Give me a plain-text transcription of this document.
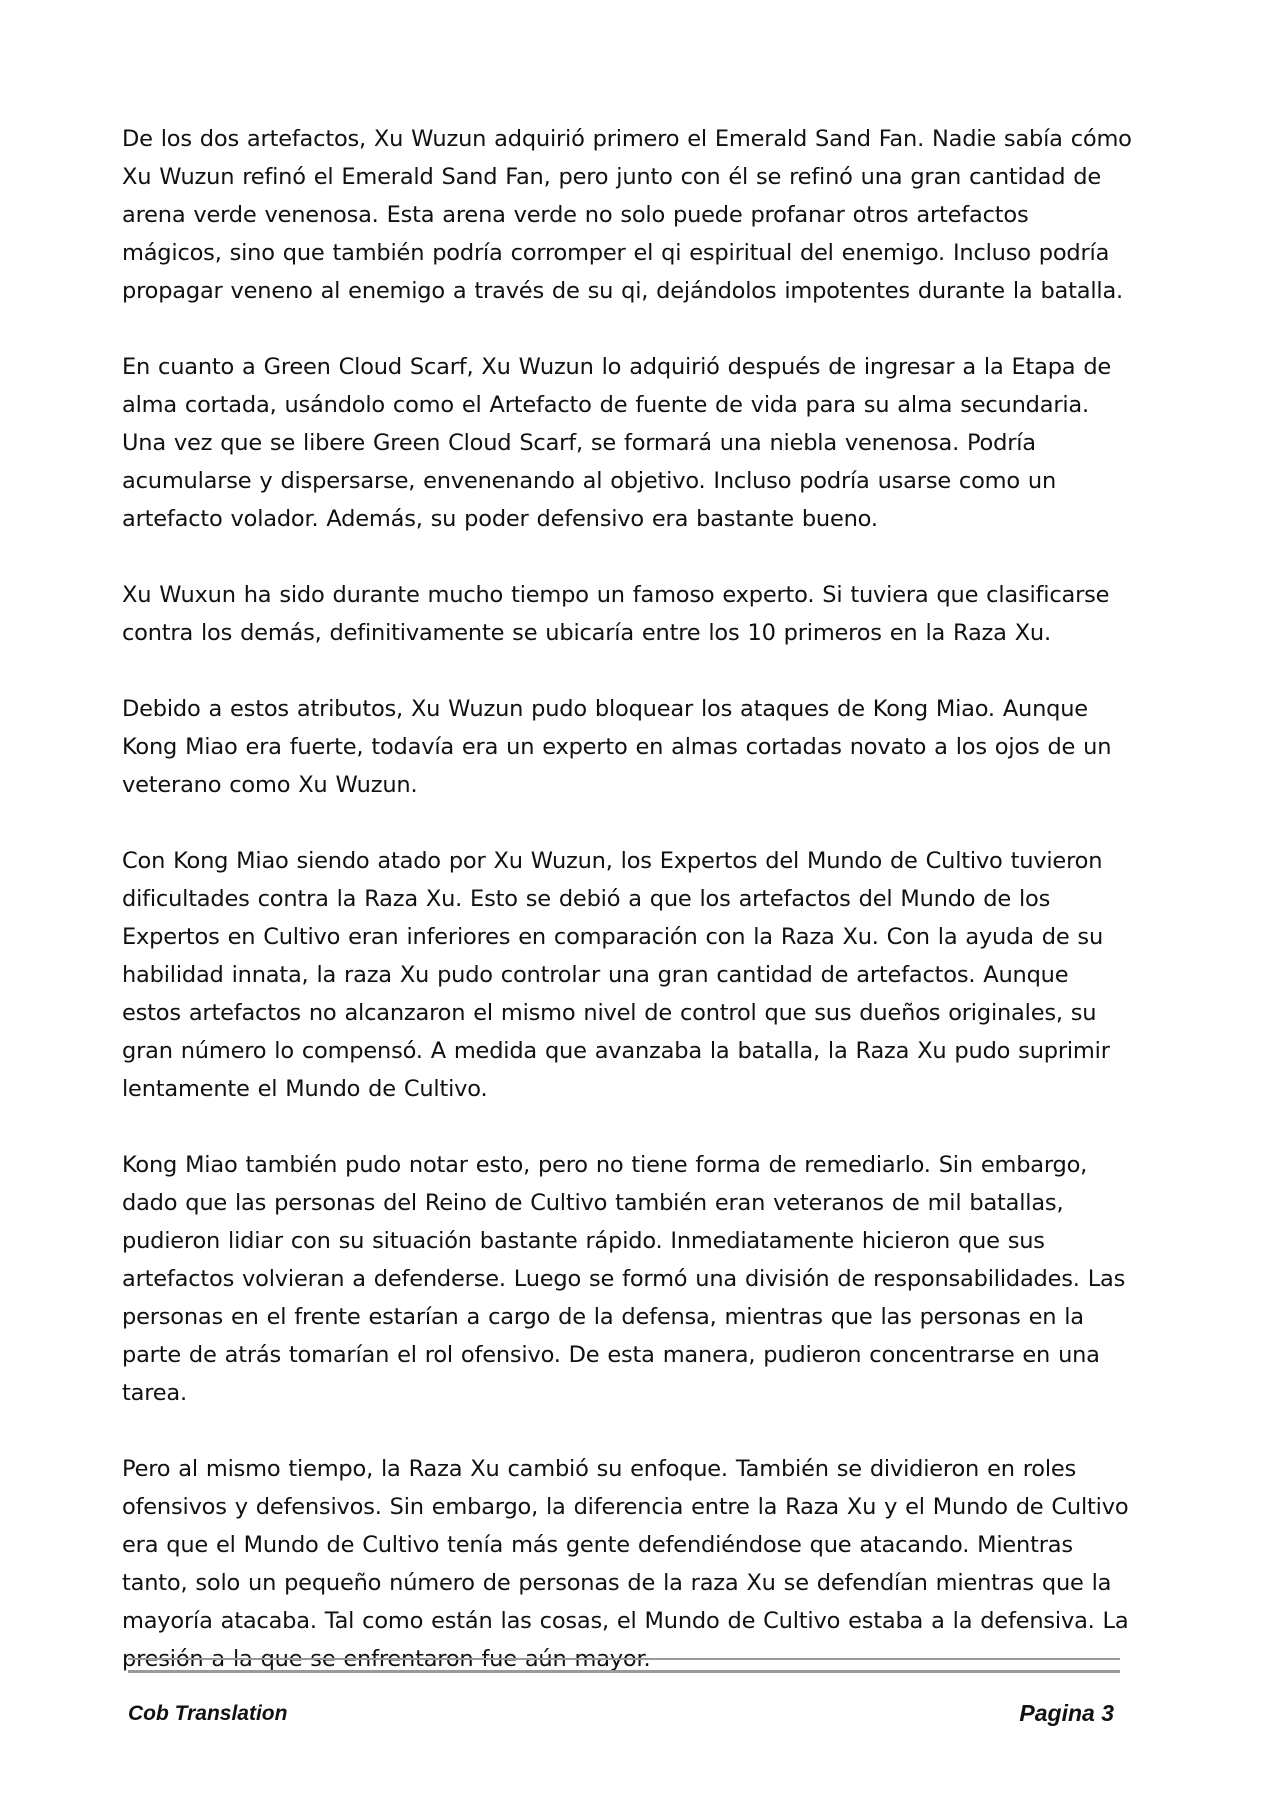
De los dos artefactos, Xu Wuzun adquirió primero el Emerald Sand Fan. Nadie sabía cómo Xu Wuzun refinó el Emerald Sand Fan, pero junto con él se refinó una gran cantidad de arena verde venenosa. Esta arena verde no solo puede profanar otros artefactos mágicos, sino que también podría corromper el qi espiritual del enemigo. Incluso podría propagar veneno al enemigo a través de su qi, dejándolos impotentes durante la batalla.

En cuanto a Green Cloud Scarf, Xu Wuzun lo adquirió después de ingresar a la Etapa de alma cortada, usándolo como el Artefacto de fuente de vida para su alma secundaria. Una vez que se libere Green Cloud Scarf, se formará una niebla venenosa. Podría acumularse y dispersarse, envenenando al objetivo. Incluso podría usarse como un artefacto volador. Además, su poder defensivo era bastante bueno.

Xu Wuxun ha sido durante mucho tiempo un famoso experto. Si tuviera que clasificarse contra los demás, definitivamente se ubicaría entre los 10 primeros en la Raza Xu.

Debido a estos atributos, Xu Wuzun pudo bloquear los ataques de Kong Miao. Aunque Kong Miao era fuerte, todavía era un experto en almas cortadas novato a los ojos de un veterano como Xu Wuzun.

Con Kong Miao siendo atado por Xu Wuzun, los Expertos del Mundo de Cultivo tuvieron dificultades contra la Raza Xu. Esto se debió a que los artefactos del Mundo de los Expertos en Cultivo eran inferiores en comparación con la Raza Xu. Con la ayuda de su habilidad innata, la raza Xu pudo controlar una gran cantidad de artefactos. Aunque estos artefactos no alcanzaron el mismo nivel de control que sus dueños originales, su gran número lo compensó. A medida que avanzaba la batalla, la Raza Xu pudo suprimir lentamente el Mundo de Cultivo.

Kong Miao también pudo notar esto, pero no tiene forma de remediarlo. Sin embargo, dado que las personas del Reino de Cultivo también eran veteranos de mil batallas, pudieron lidiar con su situación bastante rápido. Inmediatamente hicieron que sus artefactos volvieran a defenderse. Luego se formó una división de responsabilidades. Las personas en el frente estarían a cargo de la defensa, mientras que las personas en la parte de atrás tomarían el rol ofensivo. De esta manera, pudieron concentrarse en una tarea.

Pero al mismo tiempo, la Raza Xu cambió su enfoque. También se dividieron en roles ofensivos y defensivos. Sin embargo, la diferencia entre la Raza Xu y el Mundo de Cultivo era que el Mundo de Cultivo tenía más gente defendiéndose que atacando. Mientras tanto, solo un pequeño número de personas de la raza Xu se defendían mientras que la mayoría atacaba. Tal como están las cosas, el Mundo de Cultivo estaba a la defensiva. La presión a la que se enfrentaron fue aún mayor.

Cob Translation	Pagina 3
